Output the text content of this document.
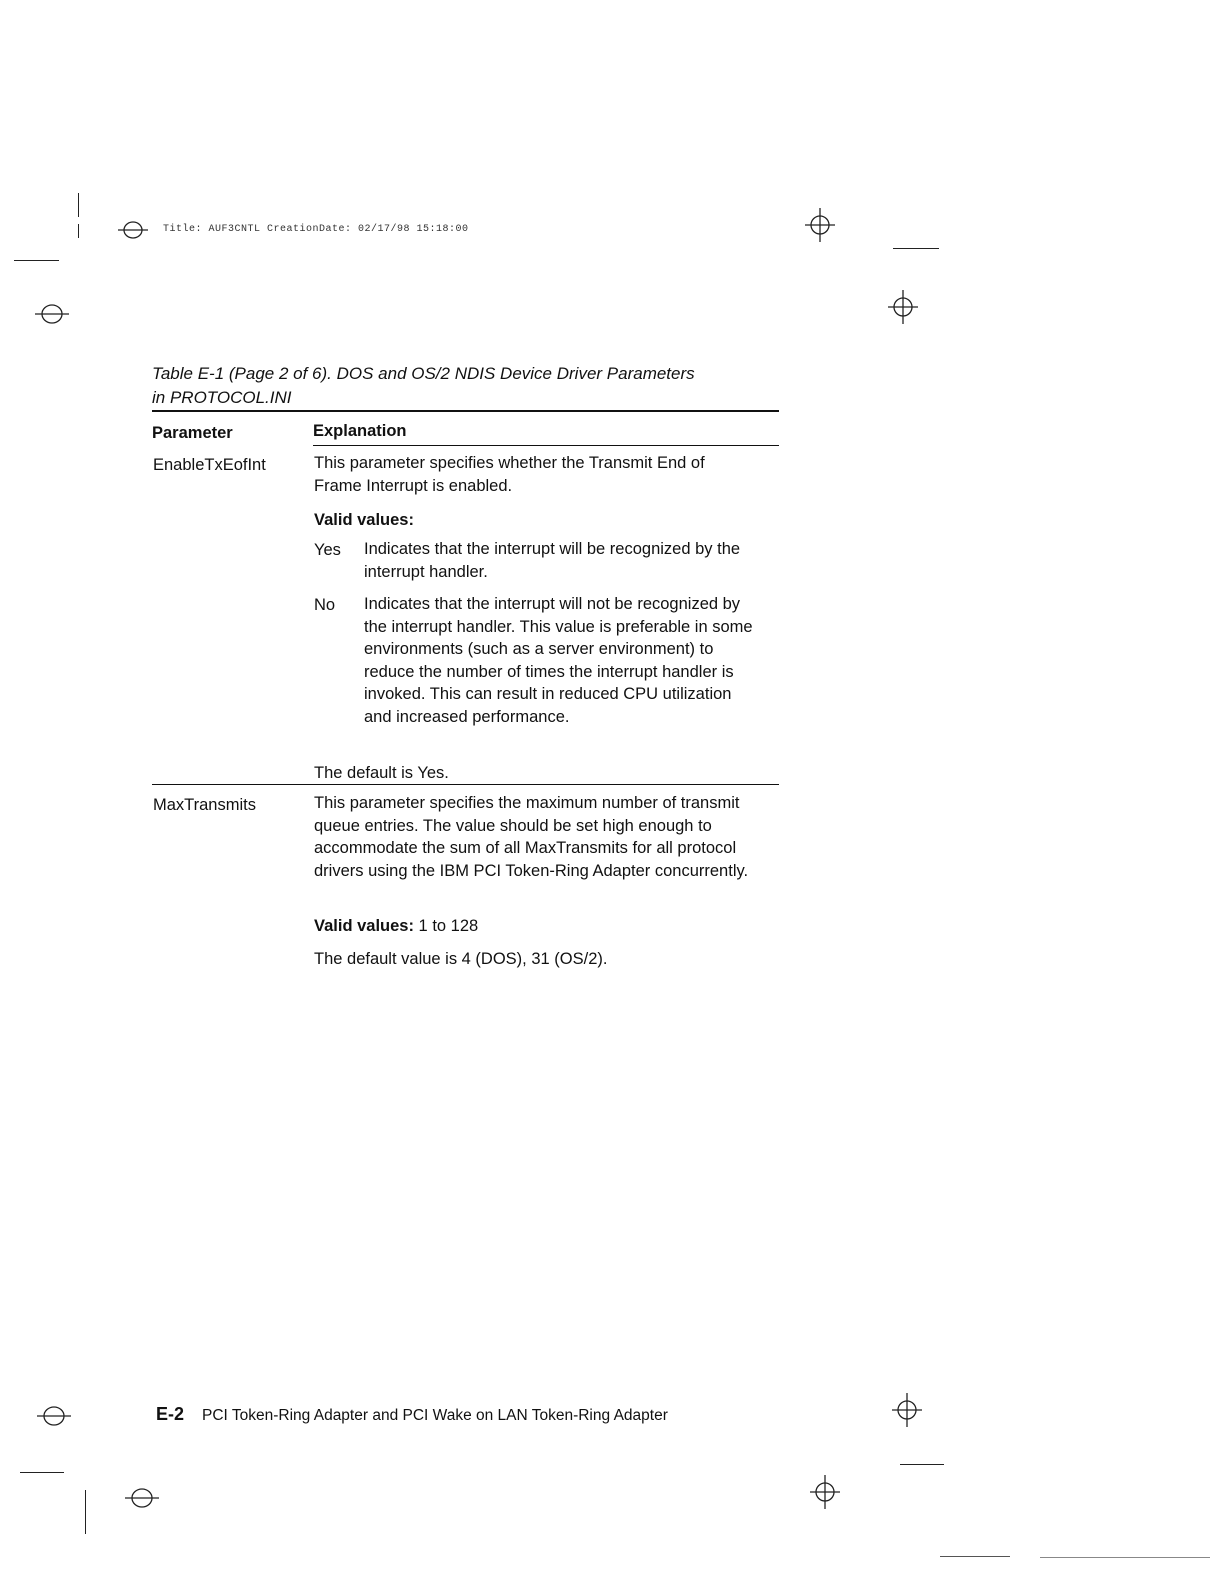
Title: AUF3CNTL CreationDate: 02/17/98 15:18:00
Table E-1 (Page 2 of 6). DOS and OS/2 NDIS Device Driver Parameters
in PROTOCOL.INI
Parameter	Explanation
EnableTxEofInt	This parameter specifies whether the Transmit End of Frame Interrupt is enabled.
Valid values:
Yes Indicates that the interrupt will be recognized by the interrupt handler.
No Indicates that the interrupt will not be recognized by the interrupt handler. This value is preferable in some environments (such as a server environment) to reduce the number of times the interrupt handler is invoked. This can result in reduced CPU utilization and increased performance.
The default is Yes.
MaxTransmits	This parameter specifies the maximum number of transmit queue entries. The value should be set high enough to accommodate the sum of all MaxTransmits for all protocol drivers using the IBM PCI Token-Ring Adapter concurrently.
Valid values: 1 to 128
The default value is 4 (DOS), 31 (OS/2).
E-2 PCI Token-Ring Adapter and PCI Wake on LAN Token-Ring Adapter
